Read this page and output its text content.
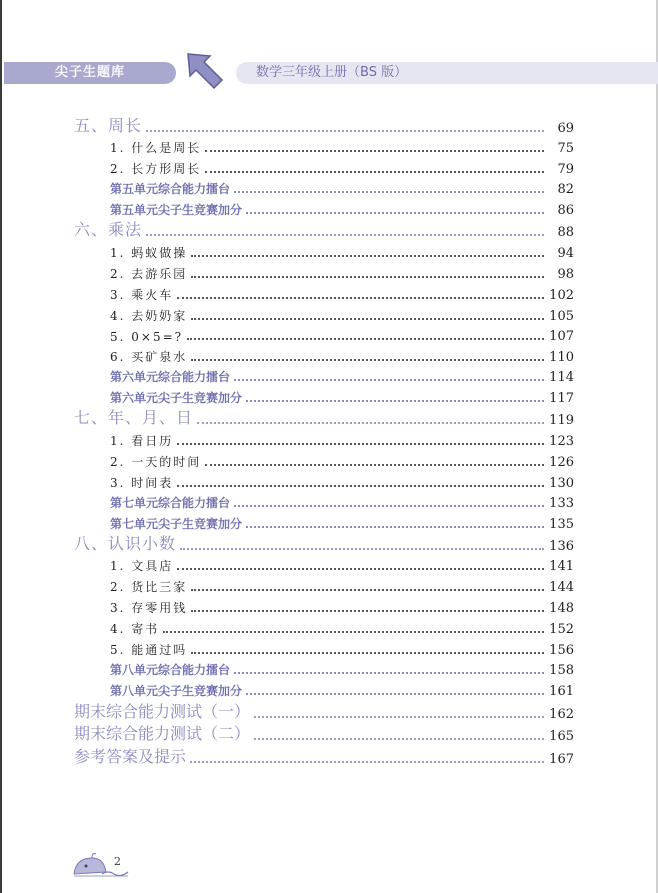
尖子生题库	数学三年级上册（BS 版）
五、周长	69
1. 什么是周长	75
2. 长方形周长	79
第五单元综合能力擂台	82
第五单元尖子生竞赛加分	86
六、乘法	88
1. 蚂蚁做操	94
2. 去游乐园	98
3. 乘火车	102
4. 去奶奶家	105
5. 0×5=?	107
6. 买矿泉水	110
第六单元综合能力擂台	114
第六单元尖子生竞赛加分	117
七、年、月、日	119
1. 看日历	123
2. 一天的时间	126
3. 时间表	130
第七单元综合能力擂台	133
第七单元尖子生竞赛加分	135
八、认识小数	136
1. 文具店	141
2. 货比三家	144
3. 存零用钱	148
4. 寄书	152
5. 能通过吗	156
第八单元综合能力擂台	158
第八单元尖子生竞赛加分	161
期末综合能力测试（一）	162
期末综合能力测试（二）	165
参考答案及提示	167
2
